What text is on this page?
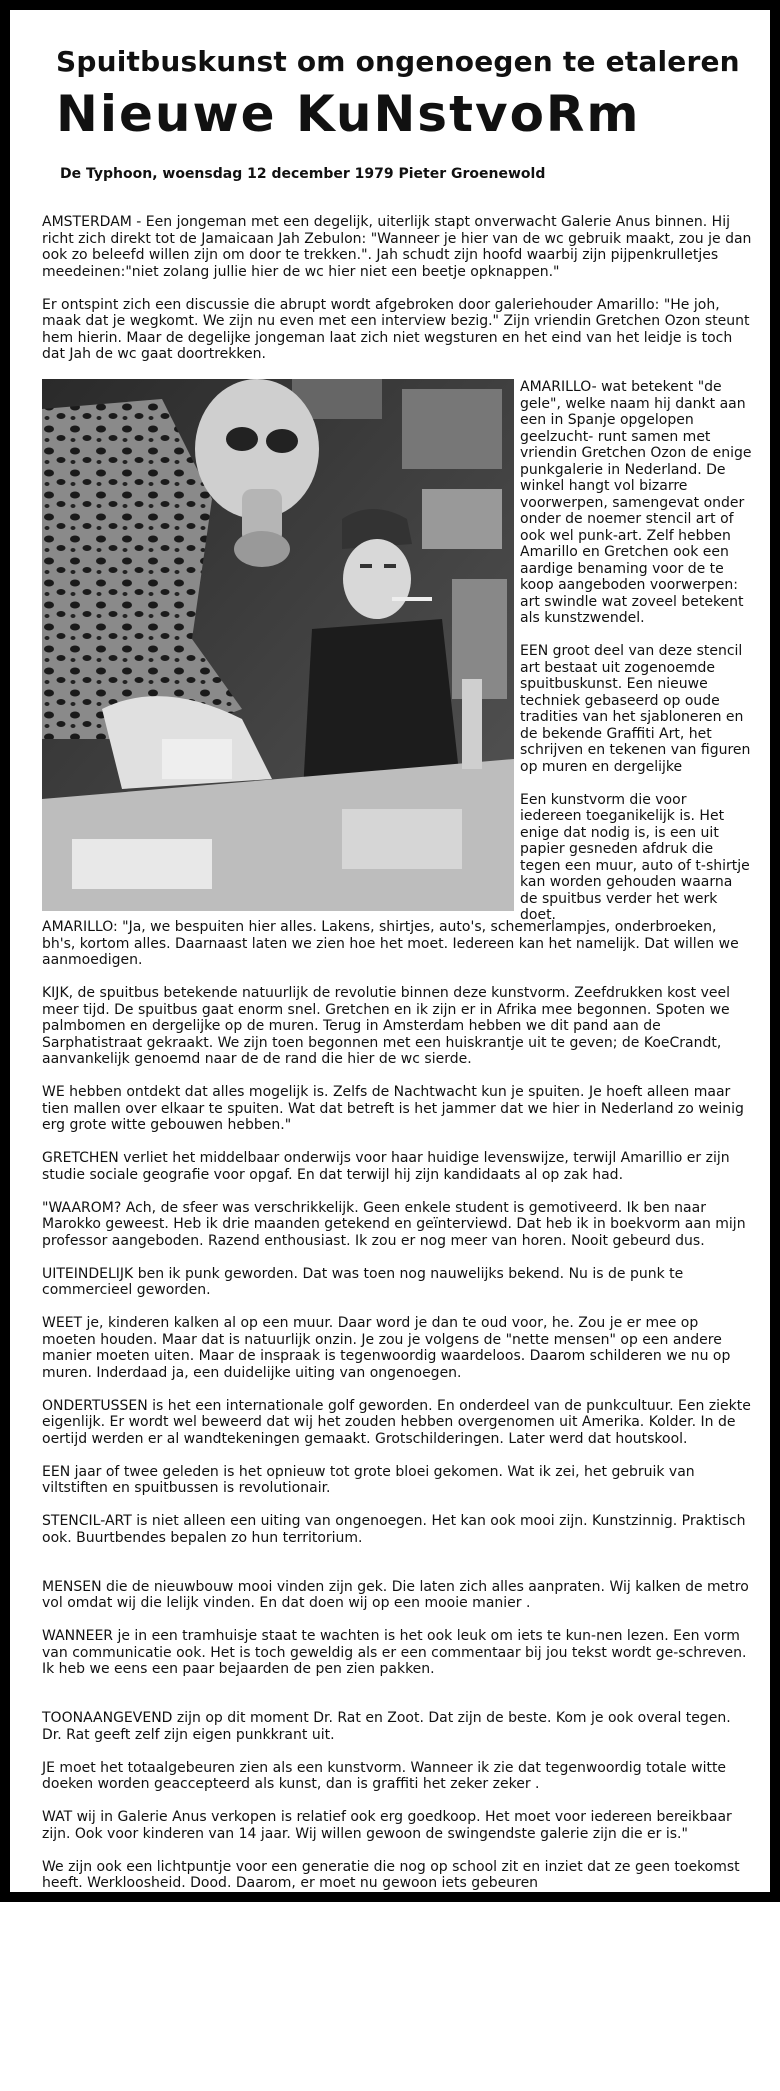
Spuitbuskunst om ongenoegen te etaleren
Nieuwe KuNstvoRm
De Typhoon, woensdag 12 december 1979 Pieter Groenewold

AMSTERDAM - Een jongeman met een degelijk, uiterlijk stapt onverwacht Galerie Anus binnen. Hij richt zich direkt tot de Jamaicaan Jah Zebulon: "Wanneer je hier van de wc gebruik maakt, zou je dan ook zo beleefd willen zijn om door te trekken.". Jah schudt zijn hoofd waarbij zijn pijpenkrulletjes meedeinen:"niet zolang jullie hier de wc hier niet een beetje opknappen."

Er ontspint zich een discussie die abrupt wordt afgebroken door galeriehouder Amarillo: "He joh, maak dat je wegkomt. We zijn nu even met een interview bezig." Zijn vriendin Gretchen Ozon steunt hem hierin. Maar de degelijke jongeman laat zich niet wegsturen en het eind van het leidje is toch dat Jah de wc gaat doortrekken.

AMARILLO- wat betekent "de gele", welke naam hij dankt aan een in Spanje opgelopen geelzucht- runt samen met vriendin Gretchen Ozon de enige punkgalerie in Nederland. De winkel hangt vol bizarre voorwerpen, samengevat onder onder de noemer stencil art of ook wel punk-art. Zelf hebben Amarillo en Gretchen ook een aardige benaming voor de te koop aangeboden voorwerpen: art swindle wat zoveel betekent als kunstzwendel.

EEN groot deel van deze stencil art bestaat uit zogenoemde spuitbuskunst. Een nieuwe techniek gebaseerd op oude tradities van het sjabloneren en de bekende Graffiti Art, het schrijven en tekenen van figuren op muren en dergelijke

Een kunstvorm die voor iedereen toeganikelijk is. Het enige dat nodig is, is een uit papier gesneden afdruk die tegen een muur, auto of t-shirtje kan worden gehouden waarna de spuitbus verder het werk doet.

AMARILLO: "Ja, we bespuiten hier alles. Lakens, shirtjes, auto's, schemerlampjes, onderbroeken, bh's, kortom alles. Daarnaast laten we zien hoe het moet. Iedereen kan het namelijk. Dat willen we aanmoedigen.

KIJK, de spuitbus betekende natuurlijk de revolutie binnen deze kunstvorm. Zeefdrukken kost veel meer tijd. De spuitbus gaat enorm snel. Gretchen en ik zijn er in Afrika mee begonnen. Spoten we palmbomen en dergelijke op de muren. Terug in Amsterdam hebben we dit pand aan de Sarphatistraat gekraakt. We zijn toen begonnen met een huiskrantje uit te geven; de KoeCrandt, aanvankelijk genoemd naar de de rand die hier de wc sierde.

WE hebben ontdekt dat alles mogelijk is. Zelfs de Nachtwacht kun je spuiten. Je hoeft alleen maar tien mallen over elkaar te spuiten. Wat dat betreft is het jammer dat we hier in Nederland zo weinig erg grote witte gebouwen hebben."

GRETCHEN verliet het middelbaar onderwijs voor haar huidige levenswijze, terwijl Amarillio er zijn studie sociale geografie voor opgaf. En dat terwijl hij zijn kandidaats al op zak had.

"WAAROM? Ach, de sfeer was verschrikkelijk. Geen enkele student is gemotiveerd. Ik ben naar Marokko geweest. Heb ik drie maanden getekend en geïnterviewd. Dat heb ik in boekvorm aan mijn professor aangeboden. Razend enthousiast. Ik zou er nog meer van horen. Nooit gebeurd dus.

UITEINDELIJK ben ik punk geworden. Dat was toen nog nauwelijks bekend. Nu is de punk te commercieel geworden.

WEET je, kinderen kalken al op een muur. Daar word je dan te oud voor, he. Zou je er mee op moeten houden. Maar dat is natuurlijk onzin. Je zou je volgens de "nette mensen" op een andere manier moeten uiten. Maar de inspraak is tegenwoordig waardeloos. Daarom schilderen we nu op muren. Inderdaad ja, een duidelijke uiting van ongenoegen.

ONDERTUSSEN is het een internationale golf geworden. En onderdeel van de punkcultuur. Een ziekte eigenlijk. Er wordt wel beweerd dat wij het zouden hebben overgenomen uit Amerika. Kolder. In de oertijd werden er al wandtekeningen gemaakt. Grotschilderingen. Later werd dat houtskool.

EEN jaar of twee geleden is het opnieuw tot grote bloei gekomen. Wat ik zei, het gebruik van viltstiften en spuitbussen is revolutionair.

STENCIL-ART is niet alleen een uiting van ongenoegen. Het kan ook mooi zijn. Kunstzinnig. Praktisch ook. Buurtbendes bepalen zo hun territorium.

MENSEN die de nieuwbouw mooi vinden zijn gek. Die laten zich alles aanpraten. Wij kalken de metro vol omdat wij die lelijk vinden. En dat doen wij op een mooie manier .

WANNEER je in een tramhuisje staat te wachten is het ook leuk om iets te kun-nen lezen. Een vorm van communicatie ook. Het is toch geweldig als er een commentaar bij jou tekst wordt ge-schreven. Ik heb we eens een paar bejaarden de pen zien pakken.

TOONAANGEVEND zijn op dit moment Dr. Rat en Zoot. Dat zijn de beste. Kom je ook overal tegen. Dr. Rat geeft zelf zijn eigen punkkrant uit.

JE moet het totaalgebeuren zien als een kunstvorm. Wanneer ik zie dat tegenwoordig totale witte doeken worden geaccepteerd als kunst, dan is graffiti het zeker zeker .

WAT wij in Galerie Anus verkopen is relatief ook erg goedkoop. Het moet voor iedereen bereikbaar zijn. Ook voor kinderen van 14 jaar. Wij willen gewoon de swingendste galerie zijn die er is."

We zijn ook een lichtpuntje voor een generatie die nog op school zit en inziet dat ze geen toekomst heeft. Werkloosheid. Dood. Daarom, er moet nu gewoon iets gebeuren
